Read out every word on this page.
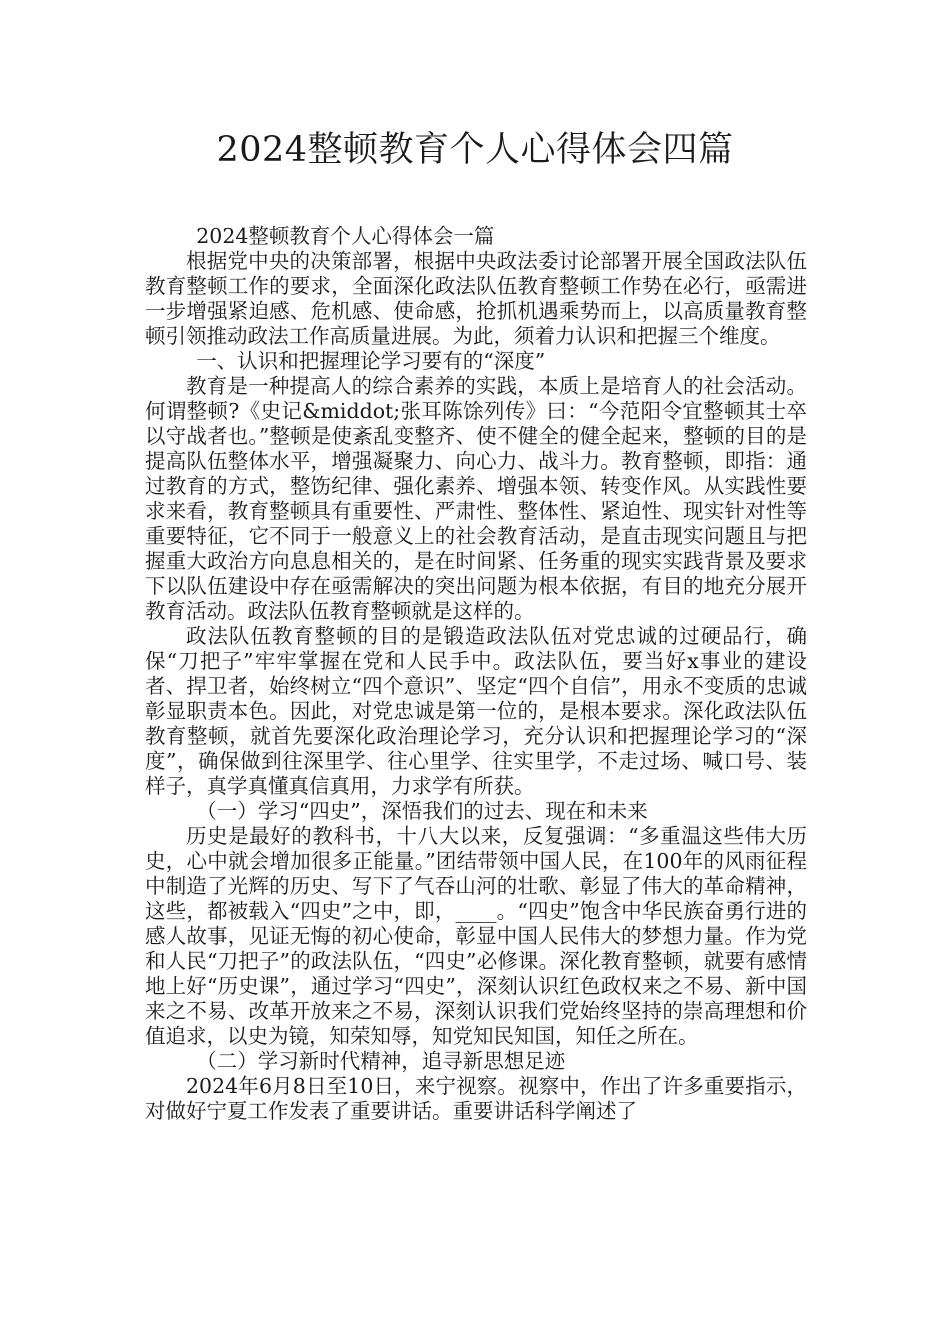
2024整顿教育个人心得体会四篇

2024整顿教育个人心得体会一篇

根据党中央的决策部署，根据中央政法委讨论部署开展全国政法队伍教育整顿工作的要求，全面深化政法队伍教育整顿工作势在必行，亟需进一步增强紧迫感、危机感、使命感，抢抓机遇乘势而上，以高质量教育整顿引领推动政法工作高质量进展。为此，须着力认识和把握三个维度。

一、认识和把握理论学习要有的“深度”

教育是一种提高人的综合素养的实践，本质上是培育人的社会活动。何谓整顿?《史记&middot;张耳陈馀列传》曰：“今范阳令宜整顿其士卒以守战者也。”整顿是使紊乱变整齐、使不健全的健全起来，整顿的目的是提高队伍整体水平，增强凝聚力、向心力、战斗力。教育整顿，即指：通过教育的方式，整饬纪律、强化素养、增强本领、转变作风。从实践性要求来看，教育整顿具有重要性、严肃性、整体性、紧迫性、现实针对性等重要特征，它不同于一般意义上的社会教育活动，是直击现实问题且与把握重大政治方向息息相关的，是在时间紧、任务重的现实实践背景及要求下以队伍建设中存在亟需解决的突出问题为根本依据，有目的地充分展开教育活动。政法队伍教育整顿就是这样的。

政法队伍教育整顿的目的是锻造政法队伍对党忠诚的过硬品行，确保“刀把子”牢牢掌握在党和人民手中。政法队伍，要当好x事业的建设者、捍卫者，始终树立“四个意识”、坚定“四个自信”，用永不变质的忠诚彰显职责本色。因此，对党忠诚是第一位的，是根本要求。深化政法队伍教育整顿，就首先要深化政治理论学习，充分认识和把握理论学习的“深度”，确保做到往深里学、往心里学、往实里学，不走过场、喊口号、装样子，真学真懂真信真用，力求学有所获。

（一）学习“四史”，深悟我们的过去、现在和未来

历史是最好的教科书，十八大以来，反复强调：“多重温这些伟大历史，心中就会增加很多正能量。”团结带领中国人民，在100年的风雨征程中制造了光辉的历史、写下了气吞山河的壮歌、彰显了伟大的革命精神，这些，都被载入“四史”之中，即，____。“四史”饱含中华民族奋勇行进的感人故事，见证无悔的初心使命，彰显中国人民伟大的梦想力量。作为党和人民“刀把子”的政法队伍，“四史”必修课。深化教育整顿，就要有感情地上好“历史课”，通过学习“四史”，深刻认识红色政权来之不易、新中国来之不易、改革开放来之不易，深刻认识我们党始终坚持的崇高理想和价值追求，以史为镜，知荣知辱，知党知民知国，知任之所在。

（二）学习新时代精神，追寻新思想足迹

2024年6月8日至10日，来宁视察。视察中，作出了许多重要指示，对做好宁夏工作发表了重要讲话。重要讲话科学阐述了
